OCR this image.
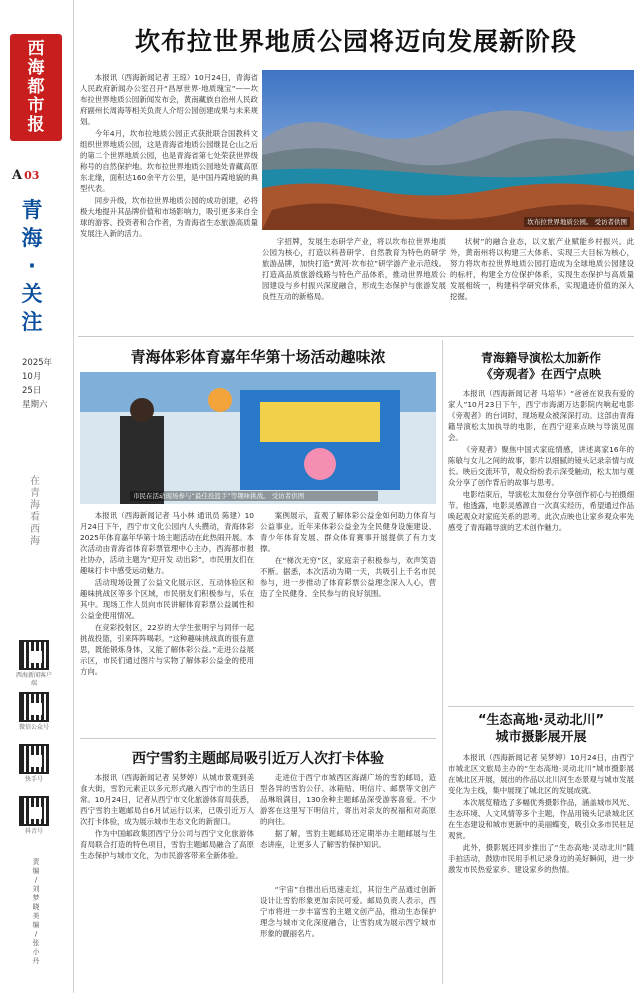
西
海
都
市
报
A 03
青
海
·
关
注
2025年
10月
25日
星期六
在
青
海
看
西
海
西海新闻客户端
微信公众号
快手号
抖音号
责
编
/
刘
梦
晓
美
编
/
张
小
丹
坎布拉世界地质公园将迈向发展新阶段

本报讯（西海新闻记者 王琼）10月24日，青海省人民政府新闻办公室召开“昌厚世界·地质瑰宝”——坎布拉世界地质公园新闻发布会，黄南藏族自治州人民政府副州长周海等相关负责人介绍公园创建成果与未来规划。

今年4月，坎布拉地质公园正式获批联合国教科文组织世界地质公园，这是青海省地质公园继昆仑山之后的第二个世界地质公园，也是青海省第七处荣获世界级称号的自然保护地。坎布拉世界地质公园地处青藏高原东北缘，面积达160余平方公里，是中国丹霞地貌的典型代表。

同步升级，坎布拉世界地质公园的成功创建，必将极大地提升其品牌价值和市场影响力，吸引更多来自全球的游客、投资者和合作者，为青海省生态旅游高质量发展注入新的活力。

坎布拉世界地质公园。 受访者供图

字招牌，发展生态研学产业，将以坎布拉世界地质公园为核心，打造以科普研学、自然教育为特色的研学旅游品牌，加快打造“黄河·坎布拉”研学游产业示范线。打造高品质旅游线路与特色产品体系，推动世界地质公园建设与乡村振兴深度融合，形成生态保护与旅游发展良性互动的新格局。

状树”的融合业态，以文旅产业赋能乡村振兴。此外，黄南州将以构建三大体系、实现三大目标为核心，努力将坎布拉世界地质公园打造成为全球地质公园建设的标杆，构建全方位保护体系，实现生态保护与高质量发展相统一，构建科学研究体系，实现遗迹价值的深入挖掘。

青海体彩体育嘉年华第十场活动趣味浓
市民在活动现场参与“最佳投篮手”等趣味挑战。 受访者供图

本报讯（西海新闻记者 马小林 通讯员 陈建）10月24日下午，西宁市文化公园内人头攒动，青海体彩2025年体育嘉年华第十场主题活动在此热闹开展。本次活动由青海省体育彩票管理中心主办，西海都市报社协办，活动主题为“迎开发 动出彩”，市民朋友们在趣味打卡中感受运动魅力。

活动现场设置了公益文化展示区、互动体验区和趣味挑战区等多个区域，市民朋友们积极参与，乐在其中。现场工作人员向市民讲解体育彩票公益属性和公益金使用情况。

在竞彩投射区，22岁的大学生张明宇与同伴一起挑战投篮，引来阵阵喝彩。“这种趣味挑战真的很有意思，既能锻炼身体，又能了解体彩公益。”走进公益展示区，市民们通过图片与实物了解体彩公益金的使用方向。

案例展示，直观了解体彩公益金如何助力体育与公益事业。近年来体彩公益金为全民健身设施建设、青少年体育发展、群众体育赛事开展提供了有力支撑。

在“梯次无穷”区，家庭亲子积极参与，欢声笑语不断。据悉，本次活动为期一天，共吸引上千名市民参与，进一步推动了体育彩票公益理念深入人心，营造了全民健身、全民参与的良好氛围。

青海籍导演松太加新作
《旁观者》在西宁点映

本报讯（西海新闻记者 马培华）“爸爸在说我有爱的家人”10月23日下午，西宁市海湖万达影院内响起电影《旁观者》的台词时，现场观众被深深打动。这部由青海籍导演松太加执导的电影，在西宁迎来点映与导演见面会。

《旁观者》聚焦中国式家庭情感，讲述离家16年的陈敏与女儿之间的故事，影片以细腻的镜头记录亲情与成长。映后交流环节，观众纷纷表示深受触动，松太加与观众分享了创作背后的故事与思考。

电影结束后，导演松太加登台分享创作初心与拍摄细节。他透露，电影灵感源自一次真实经历，希望通过作品唤起观众对家庭关系的思考。此次点映也让家乡观众率先感受了青海籍导演的艺术创作魅力。

“生态高地·灵动北川”
城市摄影展开展

本报讯（西海新闻记者 吴梦婷）10月24日，由西宁市城北区文旅局主办的“生态高地·灵动北川”城市摄影展在城北区开展，展出的作品以北川河生态景观与城市发展变化为主线，集中展现了城北区的发展成就。

本次展览精选了多幅优秀摄影作品，涵盖城市风光、生态环境、人文风情等多个主题，作品用镜头记录城北区在生态建设和城市更新中的美丽蝶变，吸引众多市民驻足观赏。

此外，摄影展还同步推出了“生态高地·灵动北川”随手拍活动，鼓励市民用手机记录身边的美好瞬间，进一步激发市民热爱家乡、建设家乡的热情。

西宁雪豹主题邮局吸引近万人次打卡体验

本报讯（西海新闻记者 吴梦婷）从城市景观到美食大街，雪豹元素正以多元形式融入西宁市的生活日常。10月24日，记者从西宁市文化旅游体育局获悉，西宁雪豹主题邮局自6月试运行以来，已吸引近万人次打卡体验，成为展示城市生态文化的新窗口。

作为中国邮政集团西宁分公司与西宁文化旅游体育局联合打造的特色项目，雪豹主题邮局融合了高原生态保护与城市文化，为市民游客带来全新体验。

走进位于西宁市城西区海湖广场的雪豹邮局，造型各异的雪豹公仔、冰箱贴、明信片、邮票等文创产品琳琅满目，130余种主题邮品深受游客喜爱。不少游客在这里写下明信片，寄出对亲友的祝福和对高原的向往。

据了解，雪豹主题邮局还定期举办主题邮展与生态讲座，让更多人了解雪豹保护知识。

“宇宙”自推出后迅速走红，其衍生产品通过创新设计让雪豹形象更加亲民可爱。邮局负责人表示，西宁市将进一步丰富雪豹主题文创产品，推动生态保护理念与城市文化深度融合，让雪豹成为展示西宁城市形象的靓丽名片。
